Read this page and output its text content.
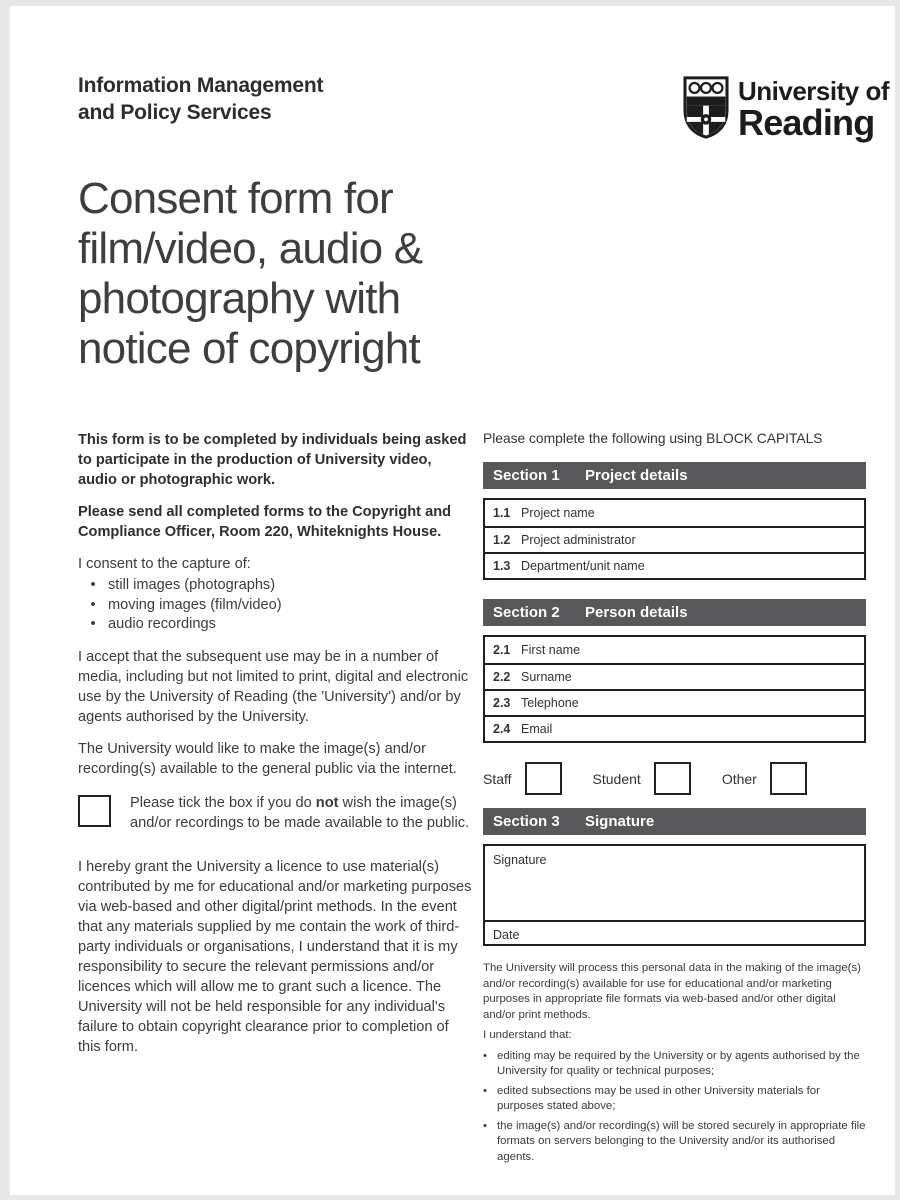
Information Management
and Policy Services
University of
Reading
Consent form for
film/video, audio &
photography with
notice of copyright

This form is to be completed by individuals being asked to participate in the production of University video, audio or photographic work.

Please send all completed forms to the Copyright and Compliance Officer, Room 220, Whiteknights House.

I consent to the capture of:

• still images (photographs)
• moving images (film/video)
• audio recordings

I accept that the subsequent use may be in a number of media, including but not limited to print, digital and electronic use by the University of Reading (the 'University') and/or by agents authorised by the University.

The University would like to make the image(s) and/or recording(s) available to the general public via the internet.

Please tick the box if you do not wish the image(s) and/or recordings to be made available to the public.

I hereby grant the University a licence to use material(s) contributed by me for educational and/or marketing purposes via web-based and other digital/print methods. In the event that any materials supplied by me contain the work of third-party individuals or organisations, I understand that it is my responsibility to secure the relevant permissions and/or licences which will allow me to grant such a licence. The University will not be held responsible for any individual's failure to obtain copyright clearance prior to completion of this form.

Please complete the following using BLOCK CAPITALS
Section 1	Project details
1.1 Project name
1.2 Project administrator
1.3 Department/unit name
Section 2	Person details
2.1 First name
2.2 Surname
2.3 Telephone
2.4 Email
Staff	Student	Other
Section 3	Signature
Signature
Date

The University will process this personal data in the making of the image(s) and/or recording(s) available for use for educational and/or marketing purposes in appropriate file formats via web-based and/or other digital and/or print methods.

I understand that:

• editing may be required by the University or by agents authorised by the University for quality or technical purposes;
• edited subsections may be used in other University materials for purposes stated above;
• the image(s) and/or recording(s) will be stored securely in appropriate file formats on servers belonging to the University and/or its authorised agents.
